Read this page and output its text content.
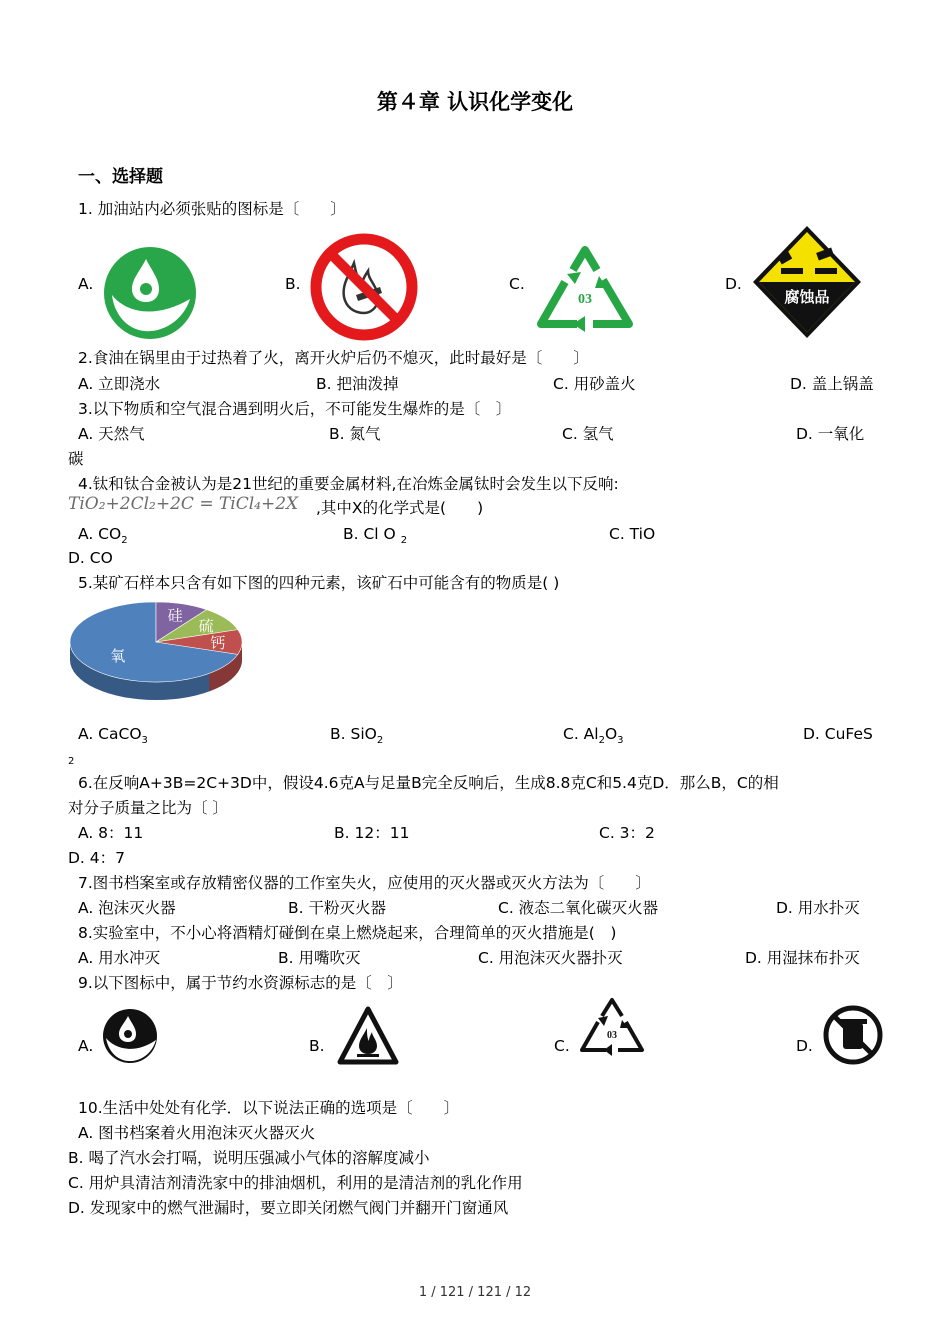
第４章 认识化学变化
一、选择题
1. 加油站内必须张贴的图标是〔　　〕
A.	B.	C.
03
D.
腐蚀品
2.食油在锅里由于过热着了火，离开火炉后仍不熄灭，此时最好是〔　　〕
A. 立即浇水	B. 把油泼掉	C. 用砂盖火	D. 盖上锅盖
3.以下物质和空气混合遇到明火后，不可能发生爆炸的是〔　〕
A. 天然气	B. 氮气	C. 氢气	D. 一氧化
碳
4.钛和钛合金被认为是21世纪的重要金属材料,在冶炼金属钛时会发生以下反响:
TiO₂+2Cl₂+2C = TiCl₄+2X ,其中X的化学式是(　　)
A. $CO_2$	B. Cl O $_2$	C. TiO
D. CO
5.某矿石样本只含有如下图的四种元素，该矿石中可能含有的物质是( )
氧
硅
硫
钙
A. CaCO$_3$	B. SiO$_2$	C. $Al_2O_3$	D. CuFeS
2
6.在反响A+3B=2C+3D中，假设4.6克A与足量B完全反响后，生成8.8克C和5.4克D．那么B，C的相
对分子质量之比为〔 〕
A. 8：11	B. 12：11	C. 3：2
D. 4：7
7.图书档案室或存放精密仪器的工作室失火，应使用的灭火器或灭火方法为〔　　〕
A. 泡沫灭火器	B. 干粉灭火器	C. 液态二氧化碳灭火器	D. 用水扑灭
8.实验室中，不小心将酒精灯碰倒在桌上燃烧起来，合理简单的灭火措施是(　)
A. 用水冲灭	B. 用嘴吹灭	C. 用泡沫灭火器扑灭	D. 用湿抹布扑灭
9.以下图标中，属于节约水资源标志的是〔　〕
A.	B.	C.
03
D.
10.生活中处处有化学．以下说法正确的选项是〔　　〕
A. 图书档案着火用泡沫灭火器灭火
B. 喝了汽水会打嗝，说明压强减小气体的溶解度减小
C. 用炉具清洁剂清洗家中的排油烟机，利用的是清洁剂的乳化作用
D. 发现家中的燃气泄漏时，要立即关闭燃气阀门并翻开门窗通风
1 / 121 / 121 / 12
